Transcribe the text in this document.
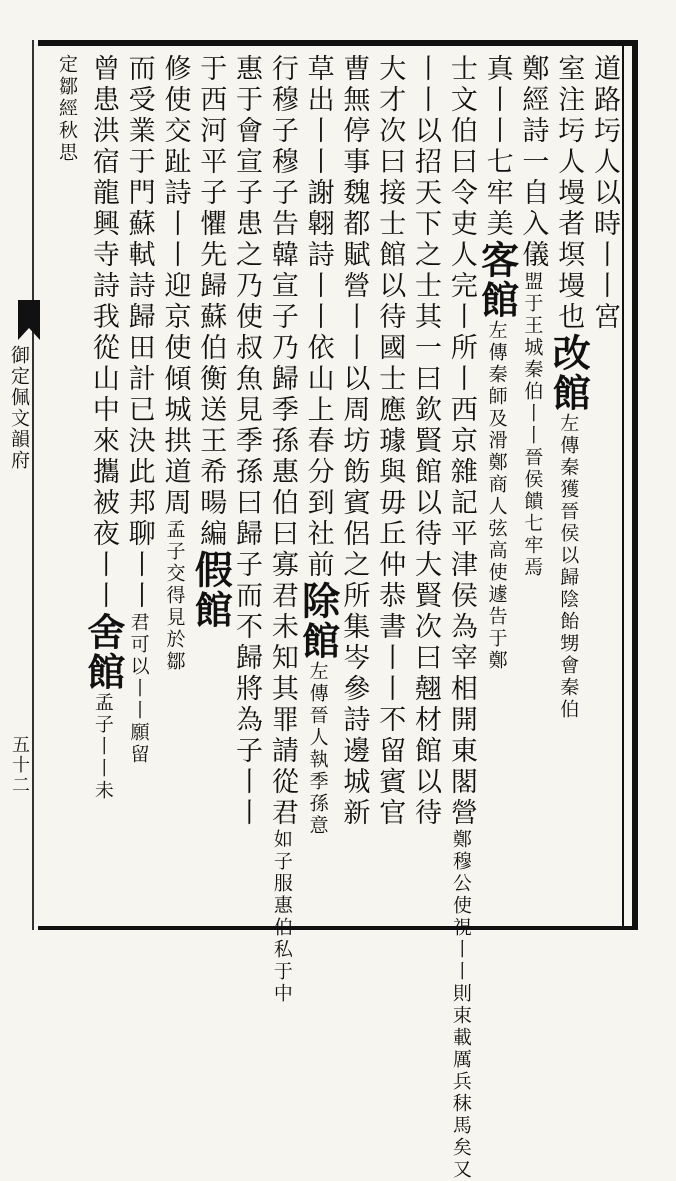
御定佩文韻府
五十二
道路圬人以時丨丨宮
室注圬人墁者塓墁也改館左傳秦獲晉侯以歸陰飴甥會秦伯
鄭經詩一自入儀盟于王城秦伯丨丨晉侯饋七牢焉
真丨丨七牢美客館左傳秦師及滑鄭商人弦高使遽告于鄭
士文伯曰令吏人完丨所丨西京雜記平津侯為宰相開東閣營鄭穆公使視丨丨則束載厲兵秣馬矣又
丨丨以招天下之士其一曰欽賢館以待大賢次曰翹材館以待
大才次曰接士館以待國士應璩與毋丘仲恭書丨丨不留賓官
曹無停事魏都賦營丨丨以周坊飭賓侶之所集岑參詩邊城新
草出丨丨謝翺詩丨丨依山上春分到社前除館左傳晉人執季孫意
行穆子穆子告韓宣子乃歸季孫惠伯曰寡君未知其罪請從君如子服惠伯私于中
惠于會宣子患之乃使叔魚見季孫曰歸子而不歸將為子丨丨
于西河平子懼先歸蘇伯衡送王希暘編假館
修使交趾詩丨丨迎京使傾城拱道周孟子交得見於鄒
而受業于門蘇軾詩歸田計已決此邦聊丨丨君可以丨丨願留
曾患洪宿龍興寺詩我從山中來攜被夜丨丨舍館孟子丨丨未
定鄒經秋思
